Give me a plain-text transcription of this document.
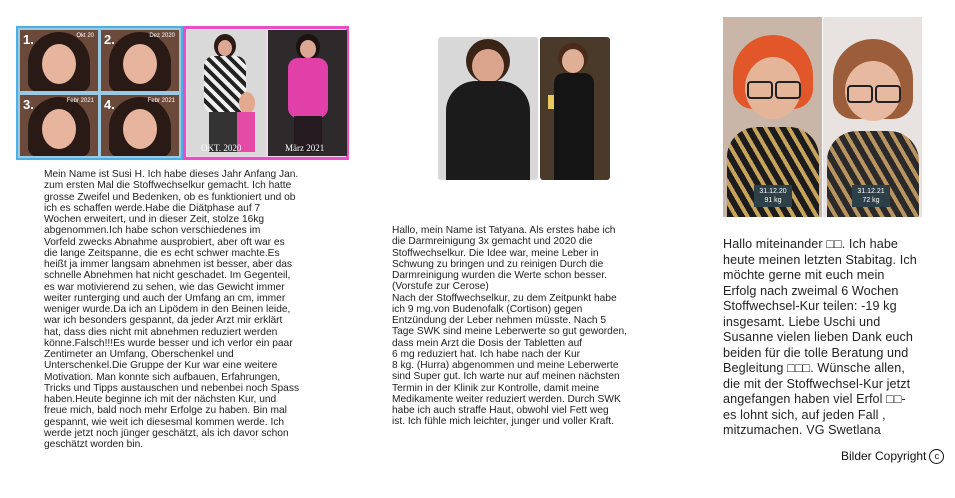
1.	Okt 20 2.	Dez 2020
3.	Febr 2021 4.	Febr 2021
OKT. 2020	März 2021

Mein Name ist Susi H. Ich habe dieses Jahr Anfang Jan.

zum ersten Mal die Stoffwechselkur gemacht. Ich hatte

grosse Zweifel und Bedenken, ob es funktioniert und ob

ich es schaffen werde.Habe die Diätphase auf 7

Wochen erweitert, und in dieser Zeit, stolze 16kg

abgenommen.Ich habe schon verschiedenes im

Vorfeld zwecks Abnahme ausprobiert, aber oft war es

die lange Zeitspanne, die es echt schwer machte.Es

heißt ja immer langsam abnehmen ist besser, aber das

schnelle Abnehmen hat nicht geschadet. Im Gegenteil,

es war motivierend zu sehen, wie das Gewicht immer

weiter runterging und auch der Umfang an cm, immer

weniger wurde.Da ich an Lipödem in den Beinen leide,

war ich besonders gespannt, da jeder Arzt mir erklärt

hat, dass dies nicht mit abnehmen reduziert werden

könne.Falsch!!!Es wurde besser und ich verlor ein paar

Zentimeter an Umfang, Oberschenkel und

Unterschenkel.Die Gruppe der Kur war eine weitere

Motivation. Man konnte sich aufbauen, Erfahrungen,

Tricks und Tipps austauschen und nebenbei noch Spass

haben.Heute beginne ich mit der nächsten Kur, und

freue mich, bald noch mehr Erfolge zu haben. Bin mal

gespannt, wie weit ich diesesmal kommen werde. Ich

werde jetzt noch jünger geschätzt, als ich davor schon

geschätzt worden bin.

Hallo, mein Name ist Tatyana. Als erstes habe ich

die Darmreinigung 3x gemacht und 2020 die

Stoffwechselkur. Die Idee war, meine Leber in

Schwung zu bringen und zu reinigen Durch die

Darmreinigung wurden die Werte schon besser.

(Vorstufe zur Cerose)

Nach der Stoffwechselkur, zu dem Zeitpunkt habe

ich 9 mg.von Budenofalk (Cortison) gegen

Entzündung der Leber nehmen müsste. Nach 5

Tage SWK sind meine Leberwerte so gut geworden,

dass mein Arzt die Dosis der Tabletten auf

6 mg reduziert hat. Ich habe nach der Kur

8 kg. (Hurra) abgenommen und meine Leberwerte

sind Super gut. Ich warte nur auf meinen nächsten

Termin in der Klinik zur Kontrolle, damit meine

Medikamente weiter reduziert werden. Durch SWK

habe ich auch straffe Haut, obwohl viel Fett weg

ist. Ich fühle mich leichter, junger und voller Kraft.

31.12.20
91 kg
31.12.21
72 kg
Hallo miteinander □□. Ich habe
heute meinen letzten Stabitag. Ich
möchte gerne mit euch mein
Erfolg nach zweimal 6 Wochen
Stoffwechsel-Kur teilen: -19 kg
insgesamt. Liebe Uschi und
Susanne vielen lieben Dank euch
beiden für die tolle Beratung und
Begleitung □□□. Wünsche allen,
die mit der Stoffwechsel-Kur jetzt
angefangen haben viel Erfol □□-
es lohnt sich, auf jeden Fall ,
mitzumachen. VG Swetlana
Bilder Copyright c
